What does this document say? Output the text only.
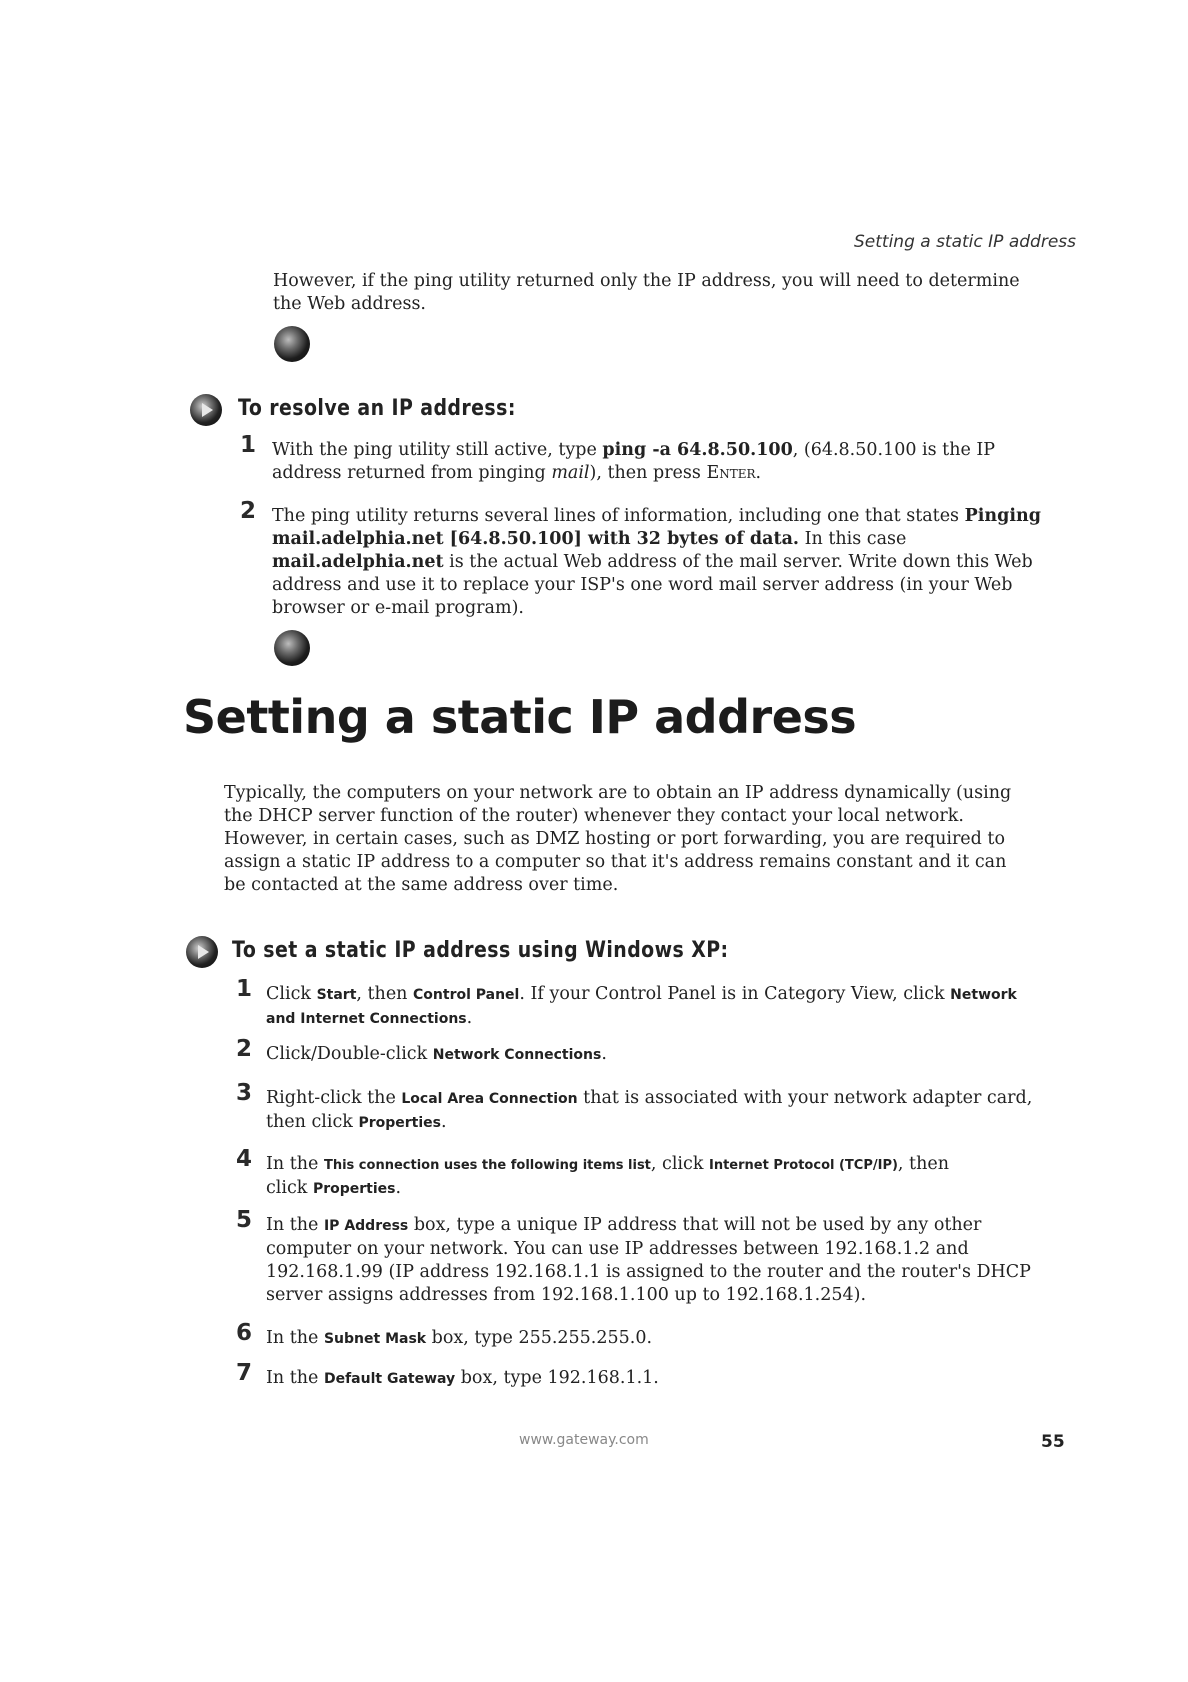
Setting a static IP address
However, if the ping utility returned only the IP address, you will need to determine
the Web address.
To resolve an IP address:
1 With the ping utility still active, type ping -a 64.8.50.100, (64.8.50.100 is the IP
address returned from pinging mail), then press Enter.
2 The ping utility returns several lines of information, including one that states Pinging
mail.adelphia.net [64.8.50.100] with 32 bytes of data. In this case
mail.adelphia.net is the actual Web address of the mail server. Write down this Web
address and use it to replace your ISP's one word mail server address (in your Web
browser or e-mail program).
Setting a static IP address
Typically, the computers on your network are to obtain an IP address dynamically (using
the DHCP server function of the router) whenever they contact your local network.
However, in certain cases, such as DMZ hosting or port forwarding, you are required to
assign a static IP address to a computer so that it's address remains constant and it can
be contacted at the same address over time.
To set a static IP address using Windows XP:
1 Click Start, then Control Panel. If your Control Panel is in Category View, click Network
and Internet Connections.
2 Click/Double-click Network Connections.
3 Right-click the Local Area Connection that is associated with your network adapter card,
then click Properties.
4 In the This connection uses the following items list, click Internet Protocol (TCP/IP), then
click Properties.
5 In the IP Address box, type a unique IP address that will not be used by any other
computer on your network. You can use IP addresses between 192.168.1.2 and
192.168.1.99 (IP address 192.168.1.1 is assigned to the router and the router's DHCP
server assigns addresses from 192.168.1.100 up to 192.168.1.254).
6 In the Subnet Mask box, type 255.255.255.0.
7 In the Default Gateway box, type 192.168.1.1.
www.gateway.com	55
